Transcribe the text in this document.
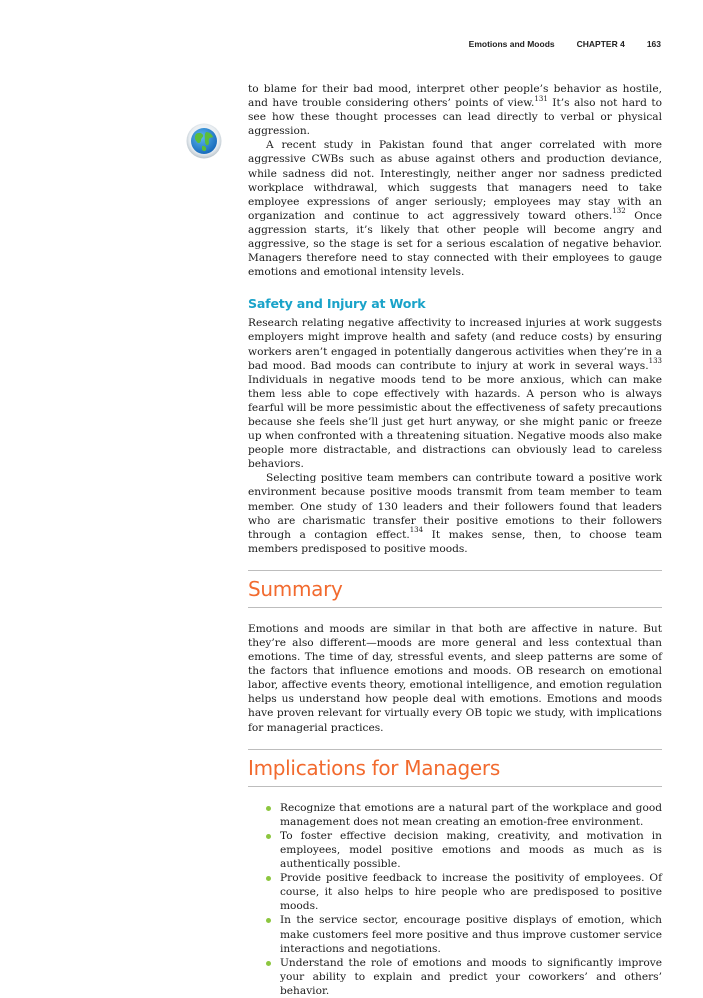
Emotions and Moods	CHAPTER 4	163

to blame for their bad mood, interpret other people’s behavior as hostile, and have trouble considering others’ points of view.$^{131}$ It’s also not hard to see how these thought processes can lead directly to verbal or physical aggression.

A recent study in Pakistan found that anger correlated with more aggressive CWBs such as abuse against others and production deviance, while sadness did not. Interestingly, neither anger nor sadness predicted workplace withdrawal, which suggests that managers need to take employee expressions of anger seriously; employees may stay with an organization and continue to act aggressively toward others.$^{132}$ Once aggression starts, it’s likely that other people will become angry and aggressive, so the stage is set for a serious escalation of negative behavior. Managers therefore need to stay connected with their employees to gauge emotions and emotional intensity levels.

Safety and Injury at Work

Research relating negative affectivity to increased injuries at work suggests employers might improve health and safety (and reduce costs) by ensuring workers aren’t engaged in potentially dangerous activities when they’re in a bad mood. Bad moods can contribute to injury at work in several ways.$^{133}$ Individuals in negative moods tend to be more anxious, which can make them less able to cope effectively with hazards. A person who is always fearful will be more pessimistic about the effectiveness of safety precautions because she feels she’ll just get hurt anyway, or she might panic or freeze up when confronted with a threatening situation. Negative moods also make people more distractable, and distractions can obviously lead to careless behaviors.

Selecting positive team members can contribute toward a positive work environment because positive moods transmit from team member to team member. One study of 130 leaders and their followers found that leaders who are charismatic transfer their positive emotions to their followers through a contagion effect.$^{134}$ It makes sense, then, to choose team members predisposed to positive moods.

Summary

Emotions and moods are similar in that both are affective in nature. But they’re also different—moods are more general and less contextual than emotions. The time of day, stressful events, and sleep patterns are some of the factors that influence emotions and moods. OB research on emotional labor, affective events theory, emotional intelligence, and emotion regulation helps us understand how people deal with emotions. Emotions and moods have proven relevant for virtually every OB topic we study, with implications for managerial practices.

Implications for Managers
Recognize that emotions are a natural part of the workplace and good management does not mean creating an emotion-free environment.
To foster effective decision making, creativity, and motivation in employees, model positive emotions and moods as much as is authentically possible.
Provide positive feedback to increase the positivity of employees. Of course, it also helps to hire people who are predisposed to positive moods.
In the service sector, encourage positive displays of emotion, which make customers feel more positive and thus improve customer service interactions and negotiations.
Understand the role of emotions and moods to significantly improve your ability to explain and predict your coworkers’ and others’ behavior.
